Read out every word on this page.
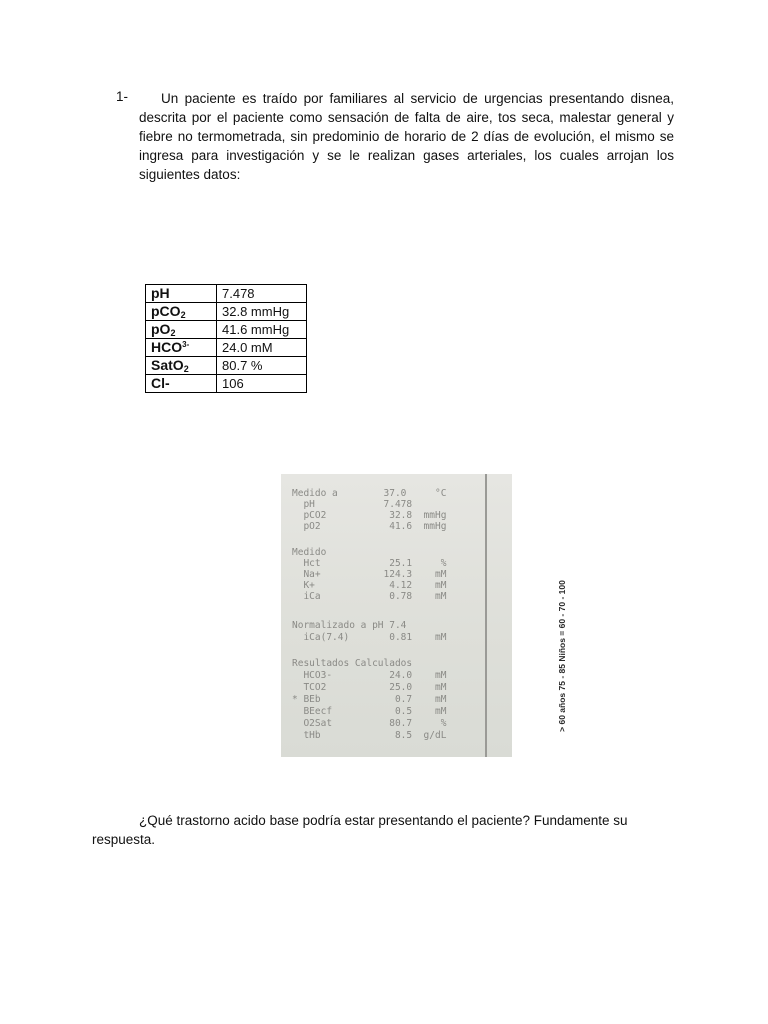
1-	Un paciente es traído por familiares al servicio de urgencias presentando disnea, descrita por el paciente como sensación de falta de aire, tos seca, malestar general y fiebre no termometrada, sin predominio de horario de 2 días de evolución, el mismo se ingresa para investigación y se le realizan gases arteriales, los cuales arrojan los siguientes datos:

pH	7.478
pCO$_2$	32.8 mmHg
$pO_2$	41.6 mmHg
$HCO^{3-}$	24.0 mM
SatO$_2$	80.7 %
Cl-	106
Medido a        37.0     °C
pH            7.478
pCO2           32.8  mmHg
pO2            41.6  mmHg
Medido
Hct            25.1     %
Na+           124.3    mM
K+             4.12    mM
iCa            0.78    mM
Normalizado a pH 7.4
iCa(7.4)       0.81    mM
Resultados Calculados
HCO3-          24.0    mM
TCO2           25.0    mM
* BEb             0.7    mM
BEecf           0.5    mM
O2Sat          80.7     %
tHb             8.5  g/dL
> 60 años 75 - 85 Niños = 60 - 70 - 100

¿Qué trastorno acido base podría estar presentando el paciente? Fundamente su respuesta.
